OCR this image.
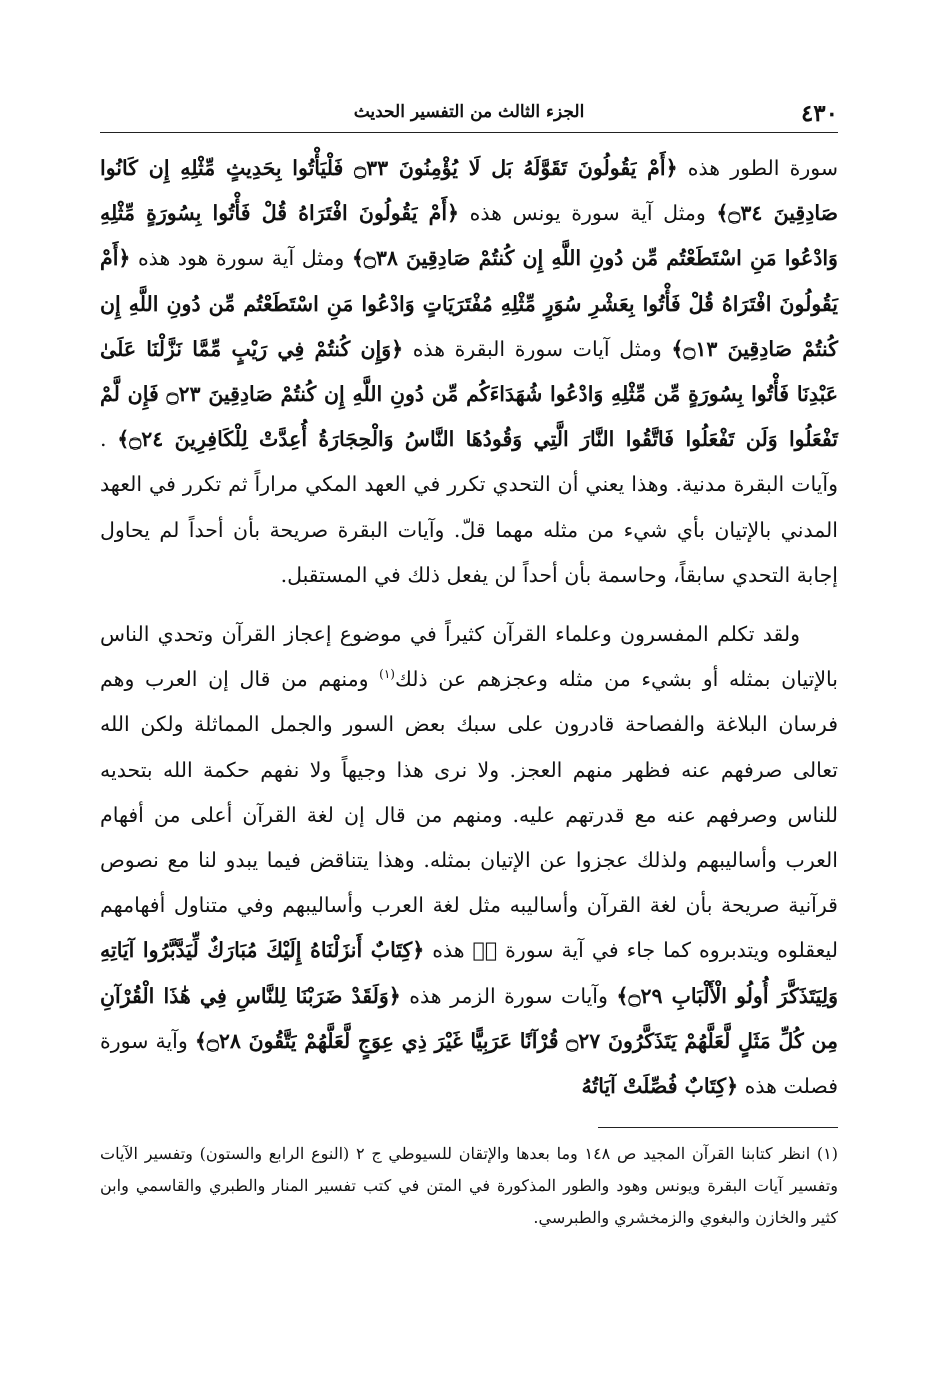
٤٣٠
الجزء الثالث من التفسير الحديث

سورة الطور هذه ﴿أَمْ يَقُولُونَ تَقَوَّلَهُ بَل لَا يُؤْمِنُونَ ۝٣٣ فَلْيَأْتُوا بِحَدِيثٍ مِّثْلِهِ إِن كَانُوا صَادِقِينَ ۝٣٤﴾ ومثل آية سورة يونس هذه ﴿أَمْ يَقُولُونَ افْتَرَاهُ قُلْ فَأْتُوا بِسُورَةٍ مِّثْلِهِ وَادْعُوا مَنِ اسْتَطَعْتُم مِّن دُونِ اللَّهِ إِن كُنتُمْ صَادِقِينَ ۝٣٨﴾ ومثل آية سورة هود هذه ﴿أَمْ يَقُولُونَ افْتَرَاهُ قُلْ فَأْتُوا بِعَشْرِ سُوَرٍ مِّثْلِهِ مُفْتَرَيَاتٍ وَادْعُوا مَنِ اسْتَطَعْتُم مِّن دُونِ اللَّهِ إِن كُنتُمْ صَادِقِينَ ۝١٣﴾ ومثل آيات سورة البقرة هذه ﴿وَإِن كُنتُمْ فِي رَيْبٍ مِّمَّا نَزَّلْنَا عَلَىٰ عَبْدِنَا فَأْتُوا بِسُورَةٍ مِّن مِّثْلِهِ وَادْعُوا شُهَدَاءَكُم مِّن دُونِ اللَّهِ إِن كُنتُمْ صَادِقِينَ ۝٢٣ فَإِن لَّمْ تَفْعَلُوا وَلَن تَفْعَلُوا فَاتَّقُوا النَّارَ الَّتِي وَقُودُهَا النَّاسُ وَالْحِجَارَةُ أُعِدَّتْ لِلْكَافِرِينَ ۝٢٤﴾ . وآيات البقرة مدنية. وهذا يعني أن التحدي تكرر في العهد المكي مراراً ثم تكرر في العهد المدني بالإتيان بأي شيء من مثله مهما قلّ. وآيات البقرة صريحة بأن أحداً لم يحاول إجابة التحدي سابقاً، وحاسمة بأن أحداً لن يفعل ذلك في المستقبل.

ولقد تكلم المفسرون وعلماء القرآن كثيراً في موضوع إعجاز القرآن وتحدي الناس بالإتيان بمثله أو بشيء من مثله وعجزهم عن ذلك$^{(١)}$ ومنهم من قال إن العرب وهم فرسان البلاغة والفصاحة قادرون على سبك بعض السور والجمل المماثلة ولكن الله تعالى صرفهم عنه فظهر منهم العجز. ولا نرى هذا وجيهاً ولا نفهم حكمة الله بتحديه للناس وصرفهم عنه مع قدرتهم عليه. ومنهم من قال إن لغة القرآن أعلى من أفهام العرب وأساليبهم ولذلك عجزوا عن الإتيان بمثله. وهذا يتناقض فيما يبدو لنا مع نصوص قرآنية صريحة بأن لغة القرآن وأساليبه مثل لغة العرب وأساليبهم وفي متناول أفهامهم ليعقلوه ويتدبروه كما جاء في آية سورة صۤ هذه ﴿كِتَابٌ أَنزَلْنَاهُ إِلَيْكَ مُبَارَكٌ لِّيَدَّبَّرُوا آيَاتِهِ وَلِيَتَذَكَّرَ أُولُو الْأَلْبَابِ ۝٢٩﴾ وآيات سورة الزمر هذه ﴿وَلَقَدْ ضَرَبْنَا لِلنَّاسِ فِي هَٰذَا الْقُرْآنِ مِن كُلِّ مَثَلٍ لَّعَلَّهُمْ يَتَذَكَّرُونَ ۝٢٧ قُرْآنًا عَرَبِيًّا غَيْرَ ذِي عِوَجٍ لَّعَلَّهُمْ يَتَّقُونَ ۝٢٨﴾ وآية سورة فصلت هذه ﴿كِتَابٌ فُصِّلَتْ آيَاتُهُ

(١) انظر كتابنا القرآن المجيد ص ١٤٨ وما بعدها والإتقان للسيوطي ج ٢ (النوع الرابع والستون) وتفسير الآيات وتفسير آيات البقرة ويونس وهود والطور المذكورة في المتن في كتب تفسير المنار والطبري والقاسمي وابن كثير والخازن والبغوي والزمخشري والطبرسي.
